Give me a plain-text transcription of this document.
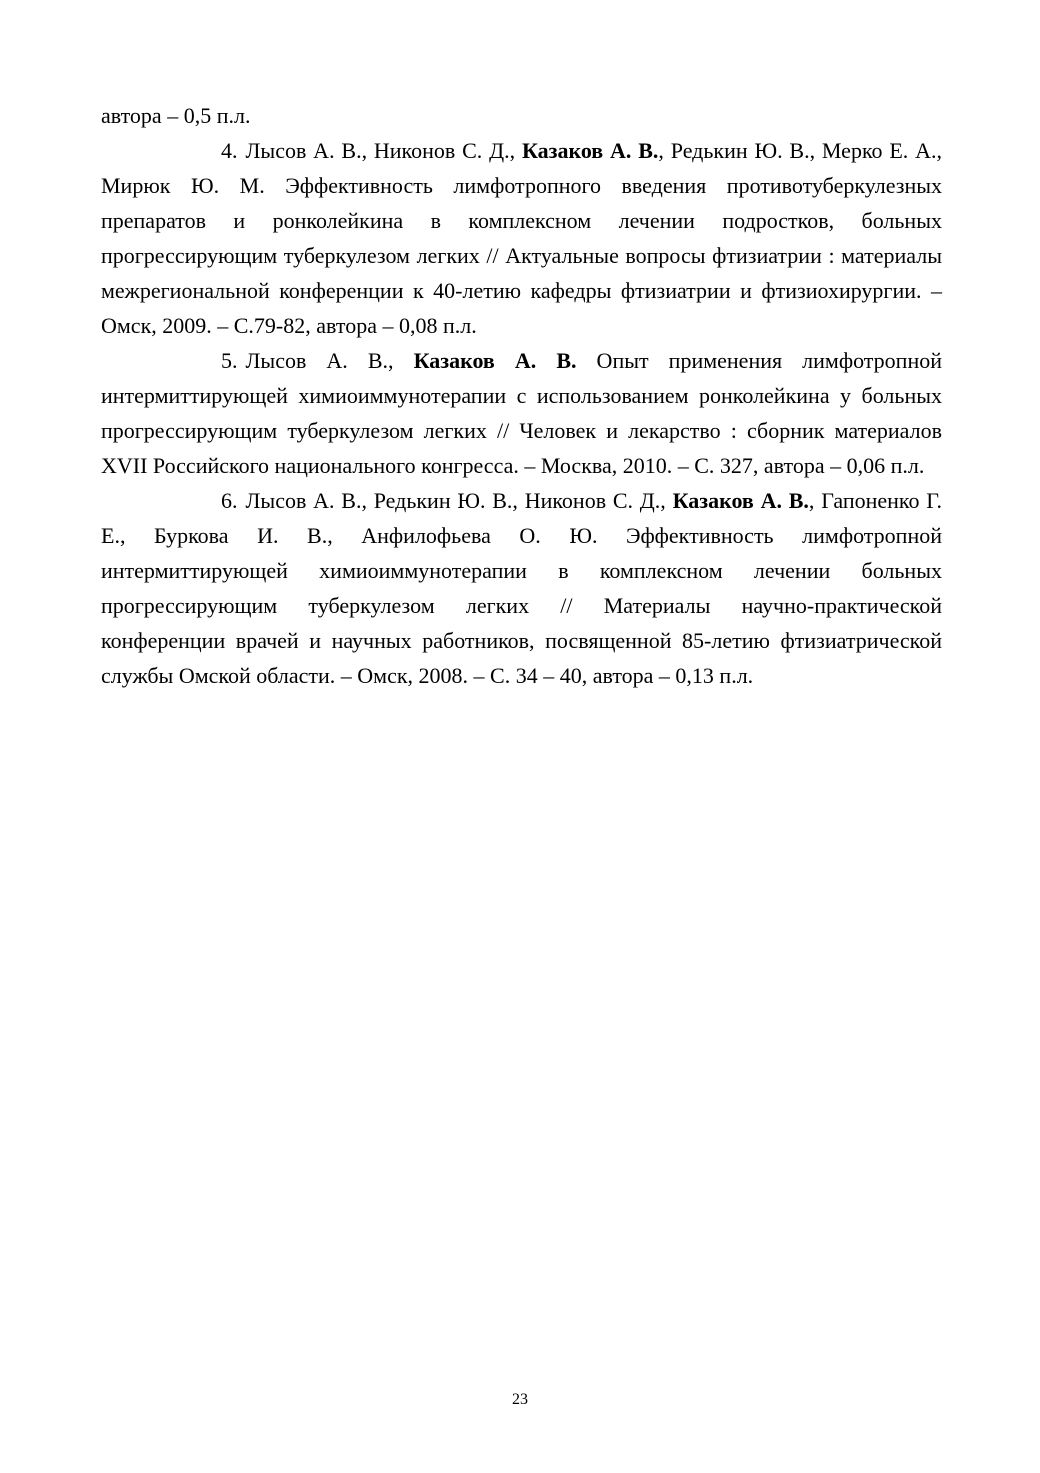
автора – 0,5 п.л.

4. Лысов А. В., Никонов С. Д., Казаков А. В., Редькин Ю. В., Мерко Е. А., Мирюк Ю. М. Эффективность лимфотропного введения противотуберкулезных препаратов и ронколейкина в комплексном лечении подростков, больных прогрессирующим туберкулезом легких // Актуальные вопросы фтизиатрии : материалы межрегиональной конференции к 40-летию кафедры фтизиатрии и фтизиохирургии. – Омск, 2009. – С.79-82, автора – 0,08 п.л.

5. Лысов А. В., Казаков А. В. Опыт применения лимфотропной интермиттирующей химиоиммунотерапии с использованием ронколейкина у больных прогрессирующим туберкулезом легких // Человек и лекарство : сборник материалов XVII Российского национального конгресса. – Москва, 2010. – С. 327, автора – 0,06 п.л.

6. Лысов А. В., Редькин Ю. В., Никонов С. Д., Казаков А. В., Гапоненко Г. Е., Буркова И. В., Анфилофьева О. Ю. Эффективность лимфотропной интермиттирующей химиоиммунотерапии в комплексном лечении больных прогрессирующим туберкулезом легких // Материалы научно-практической конференции врачей и научных работников, посвященной 85-летию фтизиатрической службы Омской области. – Омск, 2008. – С. 34 – 40, автора – 0,13 п.л.

23
